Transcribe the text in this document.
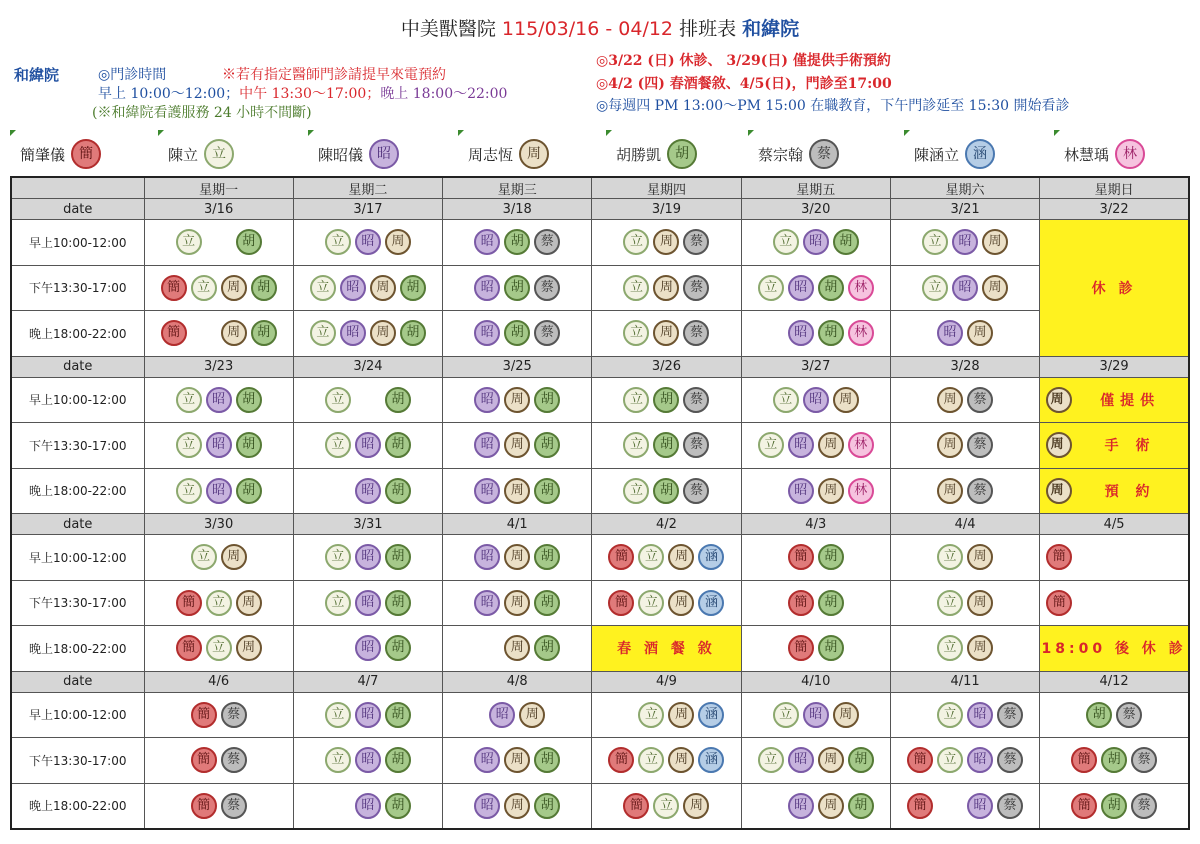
中美獸醫院 115/03/16 - 04/12 排班表 和緯院
和緯院	◎門診時間	※若有指定醫師門診請提早來電預約
早上 10:00～12:00；中午 13:30～17:00；晚上 18:00～22:00
(※和緯院看護服務 24 小時不間斷)
◎3/22 (日) 休診、 3/29(日) 僅提供手術預約
◎4/2 (四) 春酒餐敘、4/5(日)，門診至17:00
◎每週四 PM 13:00～PM 15:00 在職教育，下午門診延至 15:30 開始看診
簡肇儀	簡	陳立	立	陳昭儀	昭	周志恆	周	胡勝凱	胡	蔡宗翰	蔡	陳涵立	涵	林慧瑀	林
	星期一	星期二	星期三	星期四	星期五	星期六	星期日
date	3/16	3/17	3/18	3/19	3/20	3/21	3/22
早上10:00-12:00	立 胡	立 昭 周	昭 胡 蔡	立 周 蔡	立 昭 胡	立 昭 周	休 診
下午13:30-17:00	簡 立 周 胡	立 昭 周 胡	昭 胡 蔡	立 周 蔡	立 昭 胡 林	立 昭 周	

晚上18:00-22:00	簡 周 胡	立 昭 周 胡	昭 胡 蔡	立 周 蔡	昭 胡 林	昭 周	

date	3/23	3/24	3/25	3/26	3/27	3/28	3/29
早上10:00-12:00	立 昭 胡	立 胡	昭 周 胡	立 胡 蔡	立 昭 周	周 蔡	周 僅提供

下午13:30-17:00	立 昭 胡	立 昭 胡	昭 周 胡	立 胡 蔡	立 昭 周 林	周 蔡	周 手 術

晚上18:00-22:00	立 昭 胡	昭 胡	昭 周 胡	立 胡 蔡	昭 周 林	周 蔡	周 預 約

date	3/30	3/31	4/1	4/2	4/3	4/4	4/5
早上10:00-12:00	立 周	立 昭 胡	昭 周 胡	簡 立 周 涵	簡 胡	立 周	簡

下午13:30-17:00	簡 立 周	立 昭 胡	昭 周 胡	簡 立 周 涵	簡 胡	立 周	簡

晚上18:00-22:00	簡 立 周	昭 胡	周 胡	春 酒 餐 敘	簡 胡	立 周	18:00 後 休 診
date	4/6	4/7	4/8	4/9	4/10	4/11	4/12
早上10:00-12:00	簡 蔡	立 昭 胡	昭 周	立 周 涵	立 昭 周	立 昭 蔡	胡 蔡

下午13:30-17:00	簡 蔡	立 昭 胡	昭 周 胡	簡 立 周 涵	立 昭 周 胡	簡 立 昭 蔡	簡 胡 蔡

晚上18:00-22:00	簡 蔡	昭 胡	昭 周 胡	簡 立 周	昭 周 胡	簡 昭 蔡	簡 胡 蔡
